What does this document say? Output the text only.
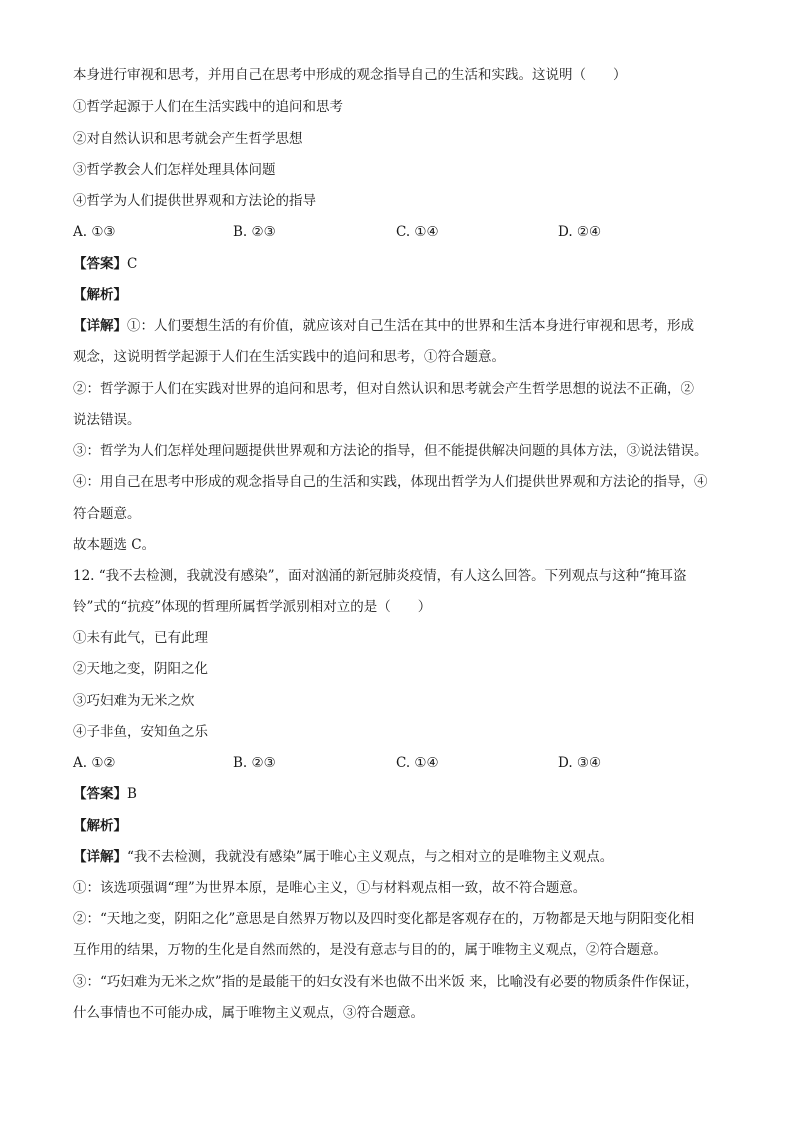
本身进行审视和思考，并用自己在思考中形成的观念指导自己的生活和实践。这说明（　　）
①哲学起源于人们在生活实践中的追问和思考
②对自然认识和思考就会产生哲学思想
③哲学教会人们怎样处理具体问题
④哲学为人们提供世界观和方法论的指导
A. ①③	B. ②③	C. ①④	D. ②④
【答案】C
【解析】
【详解】①：人们要想生活的有价值，就应该对自己生活在其中的世界和生活本身进行审视和思考，形成
观念，这说明哲学起源于人们在生活实践中的追问和思考，①符合题意。
②：哲学源于人们在实践对世界的追问和思考，但对自然认识和思考就会产生哲学思想的说法不正确，②
说法错误。
③：哲学为人们怎样处理问题提供世界观和方法论的指导，但不能提供解决问题的具体方法，③说法错误。
④：用自己在思考中形成的观念指导自己的生活和实践，体现出哲学为人们提供世界观和方法论的指导，④
符合题意。
故本题选 C。
12. “我不去检测，我就没有感染”，面对汹涌的新冠肺炎疫情，有人这么回答。下列观点与这种“掩耳盗
铃”式的“抗疫”体现的哲理所属哲学派别相对立的是（　　）
①未有此气，已有此理
②天地之变，阴阳之化
③巧妇难为无米之炊
④子非鱼，安知鱼之乐
A. ①②	B. ②③	C. ①④	D. ③④
【答案】B
【解析】
【详解】“我不去检测，我就没有感染”属于唯心主义观点，与之相对立的是唯物主义观点。
①：该选项强调“理”为世界本原，是唯心主义，①与材料观点相一致，故不符合题意。
②：“天地之变，阴阳之化”意思是自然界万物以及四时变化都是客观存在的，万物都是天地与阴阳变化相
互作用的结果，万物的生化是自然而然的，是没有意志与目的的，属于唯物主义观点，②符合题意。
③：“巧妇难为无米之炊”指的是最能干的妇女没有米也做不出米饭 来，比喻没有必要的物质条件作保证，
什么事情也不可能办成，属于唯物主义观点，③符合题意。
